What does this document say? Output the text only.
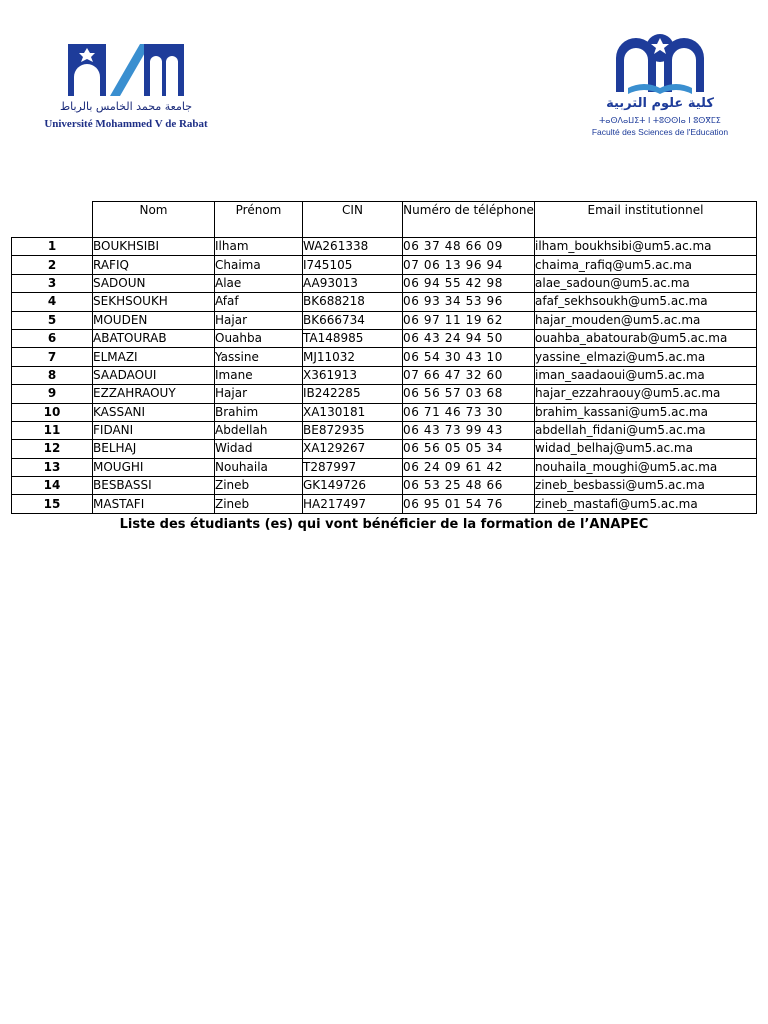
جامعة محمد الخامس بالرباط
Université Mohammed V de Rabat
كلية علوم التربية
ⵜⴰⵙⴷⴰⵡⵉⵜ ⵏ ⵜⵓⵙⵙⵏⴰ ⵏ ⵓⵙⴳⵎⵉ
Faculté des Sciences de l'Education
	Nom	Prénom	CIN	Numéro de téléphone	Email institutionnel
1	BOUKHSIBI	Ilham	WA261338	06 37 48 66 09	ilham_boukhsibi@um5.ac.ma
2	RAFIQ	Chaima	I745105	07 06 13 96 94	chaima_rafiq@um5.ac.ma
3	SADOUN	Alae	AA93013	06 94 55 42 98	alae_sadoun@um5.ac.ma
4	SEKHSOUKH	Afaf	BK688218	06 93 34 53 96	afaf_sekhsoukh@um5.ac.ma
5	MOUDEN	Hajar	BK666734	06 97 11 19 62	hajar_mouden@um5.ac.ma
6	ABATOURAB	Ouahba	TA148985	06 43 24 94 50	ouahba_abatourab@um5.ac.ma
7	ELMAZI	Yassine	MJ11032	06 54 30 43 10	yassine_elmazi@um5.ac.ma
8	SAADAOUI	Imane	X361913	07 66 47 32 60	iman_saadaoui@um5.ac.ma
9	EZZAHRAOUY	Hajar	IB242285	06 56 57 03 68	hajar_ezzahraouy@um5.ac.ma
10	KASSANI	Brahim	XA130181	06 71 46 73 30	brahim_kassani@um5.ac.ma
11	FIDANI	Abdellah	BE872935	06 43 73 99 43	abdellah_fidani@um5.ac.ma
12	BELHAJ	Widad	XA129267	06 56 05 05 34	widad_belhaj@um5.ac.ma
13	MOUGHI	Nouhaila	T287997	06 24 09 61 42	nouhaila_moughi@um5.ac.ma
14	BESBASSI	Zineb	GK149726	06 53 25 48 66	zineb_besbassi@um5.ac.ma
15	MASTAFI	Zineb	HA217497	06 95 01 54 76	zineb_mastafi@um5.ac.ma
Liste des étudiants (es) qui vont bénéficier de la formation de l’ANAPEC
